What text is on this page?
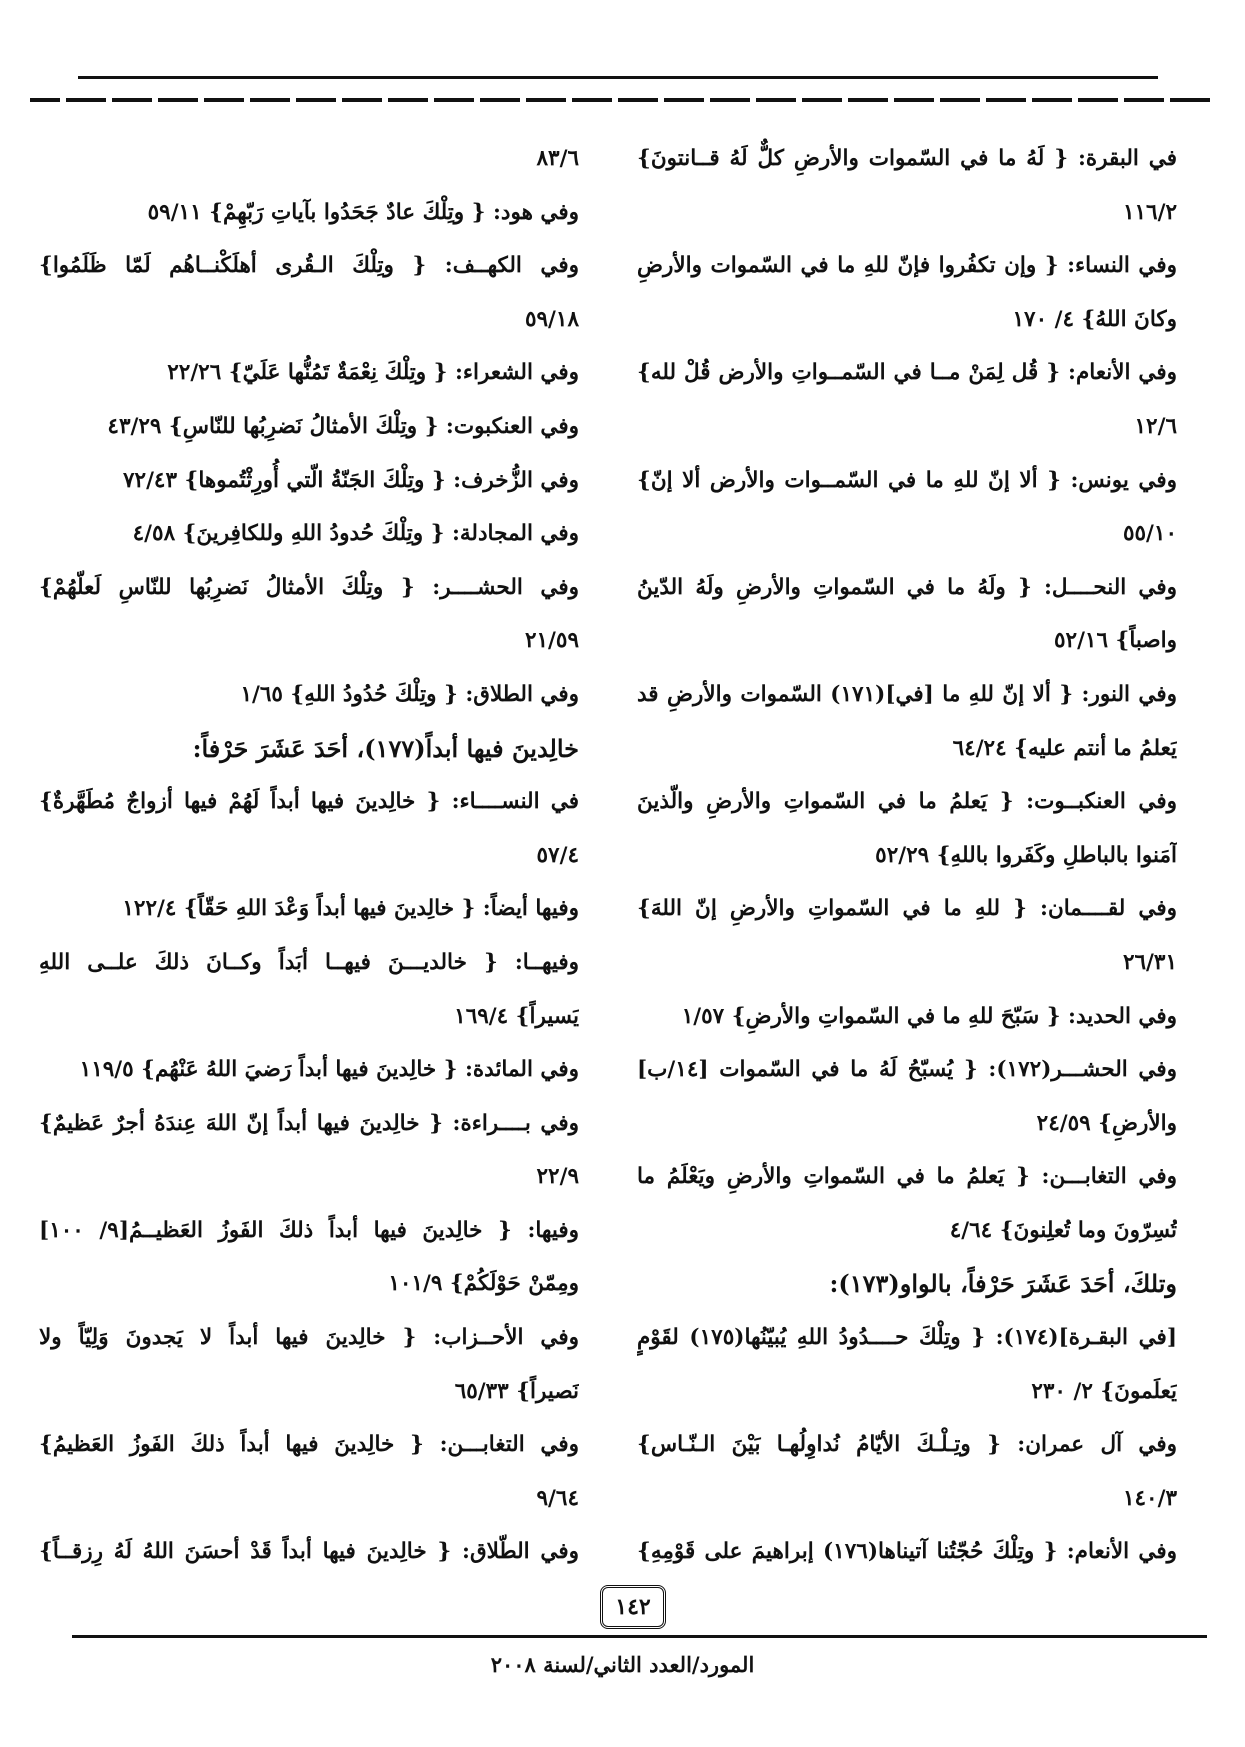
في البقرة: { لَهُ ما في السّموات والأرضِ كلٌّ لَهُ قــانتونَ}
١١٦/٢
وفي النساء: { وإن تكفُروا فإنّ للهِ ما في السّموات والأرضِ
وكانَ اللهُ} ٤/ ١٧٠
وفي الأنعام: { قُل لِمَنْ مــا في السّمــواتِ والأرض قُلْ لله}
١٢/٦
وفي يونس: { ألا إنّ للهِ ما في السّمــوات والأرض ألا إنّ}
٥٥/١٠
وفي النحــــل: { ولَهُ ما في السّمواتِ والأرضِ ولَهُ الدّينُ
واصباً} ٥٢/١٦
وفي النور: { ألا إنّ للهِ ما [في](١٧١) السّموات والأرضِ قد
يَعلمُ ما أنتم عليه} ٦٤/٢٤
وفي العنكبــوت: { يَعلمُ ما في السّمواتِ والأرضِ والّذينَ
آمَنوا بالباطلِ وكَفَروا باللهِ} ٥٢/٢٩
وفي لقــــمان: { للهِ ما في السّمواتِ والأرضِ إنّ اللهَ}
٢٦/٣١
وفي الحديد: { سَبّحَ للهِ ما في السّمواتِ والأرضِ} ١/٥٧
وفي الحشـــر(١٧٢): { يُسبّحُ لَهُ ما في السّموات [١٤/ب]
والأرضِ} ٢٤/٥٩
وفي التغابـــن: { يَعلمُ ما في السّمواتِ والأرضِ ويَعْلَمُ ما
تُسِرّونَ وما تُعلِنونَ} ٤/٦٤
وتلكَ، أحَدَ عَشَرَ حَرْفاً، بالواو(١٧٣):
[في البقـرة](١٧٤): { وتِلْكَ حــــدُودُ اللهِ يُبيّنُها(١٧٥) لقَوْمٍ
يَعلَمونَ} ٢/ ٢٣٠
وفي آل عمران: { وتِـلْـكَ الأيّامُ نُداوِلُهـا بَيْنَ الـنّـاس}
١٤٠/٣
وفي الأنعام: { وتِلْكَ حُجّتُنا آتيناها(١٧٦) إبراهيمَ على قَوْمِهِ}
٨٣/٦
وفي هود: { وتِلْكَ عادٌ جَحَدُوا بآياتِ رَبّهِمْ} ٥٩/١١
وفي الكهــف: { وتِلْكَ الـقُرى أهلَكْنــاهُم لَمّا ظَلَمُوا}
٥٩/١٨
وفي الشعراء: { وتِلْكَ نِعْمَةٌ تَمُنُّها عَلَيّ} ٢٢/٢٦
وفي العنكبوت: { وتِلْكَ الأمثالُ نَضرِبُها للنّاسِ} ٤٣/٢٩
وفي الزُّخرف: { وتِلْكَ الجَنّةُ الّتي أُورِثْتُموها} ٧٢/٤٣
وفي المجادلة: { وتِلْكَ حُدودُ اللهِ وللكافِرينَ} ٤/٥٨
وفي الحشــــر: { وتِلْكَ الأمثالُ نَضرِبُها للنّاسِ لَعلّهُمْ}
٢١/٥٩
وفي الطلاق: { وتِلْكَ حُدُودُ اللهِ} ١/٦٥
خالِدينَ فيها أبداً(١٧٧)، أحَدَ عَشَرَ حَرْفاً:
في النســــاء: { خالِدينَ فيها أبداً لَهُمْ فيها أزواجٌ مُطَهَّرةٌ}
٥٧/٤
وفيها أيضاً: { خالِدينَ فيها أبداً وَعْدَ اللهِ حَقّاً} ١٢٢/٤
وفيهــا: { خالديـــنَ فيهــا أبَداً وكــانَ ذلكَ علــى اللهِ
يَسيراً} ١٦٩/٤
وفي المائدة: { خالِدينَ فيها أبداً رَضيَ اللهُ عَنْهُم} ١١٩/٥
وفي بــــراءة: { خالِدينَ فيها أبداً إنّ اللهَ عِندَهُ أجرٌ عَظيمٌ}
٢٢/٩
وفيها: { خالِدينَ فيها أبداً ذلكَ الفَوزُ العَظيــمُ[٩/ ١٠٠]
ومِمّنْ حَوْلَكُمْ} ١٠١/٩
وفي الأحــزاب: { خالِدينَ فيها أبداً لا يَجدونَ وَلِيّاً ولا
نَصيراً} ٦٥/٣٣
وفي التغابـــن: { خالِدينَ فيها أبداً ذلكَ الفَوزُ العَظيمُ}
٩/٦٤
وفي الطّلاق: { خالِدينَ فيها أبداً قَدْ أحسَنَ اللهُ لَهُ رِزقــاً}
١٤٢
المورد/العدد الثاني/لسنة ٢٠٠٨
